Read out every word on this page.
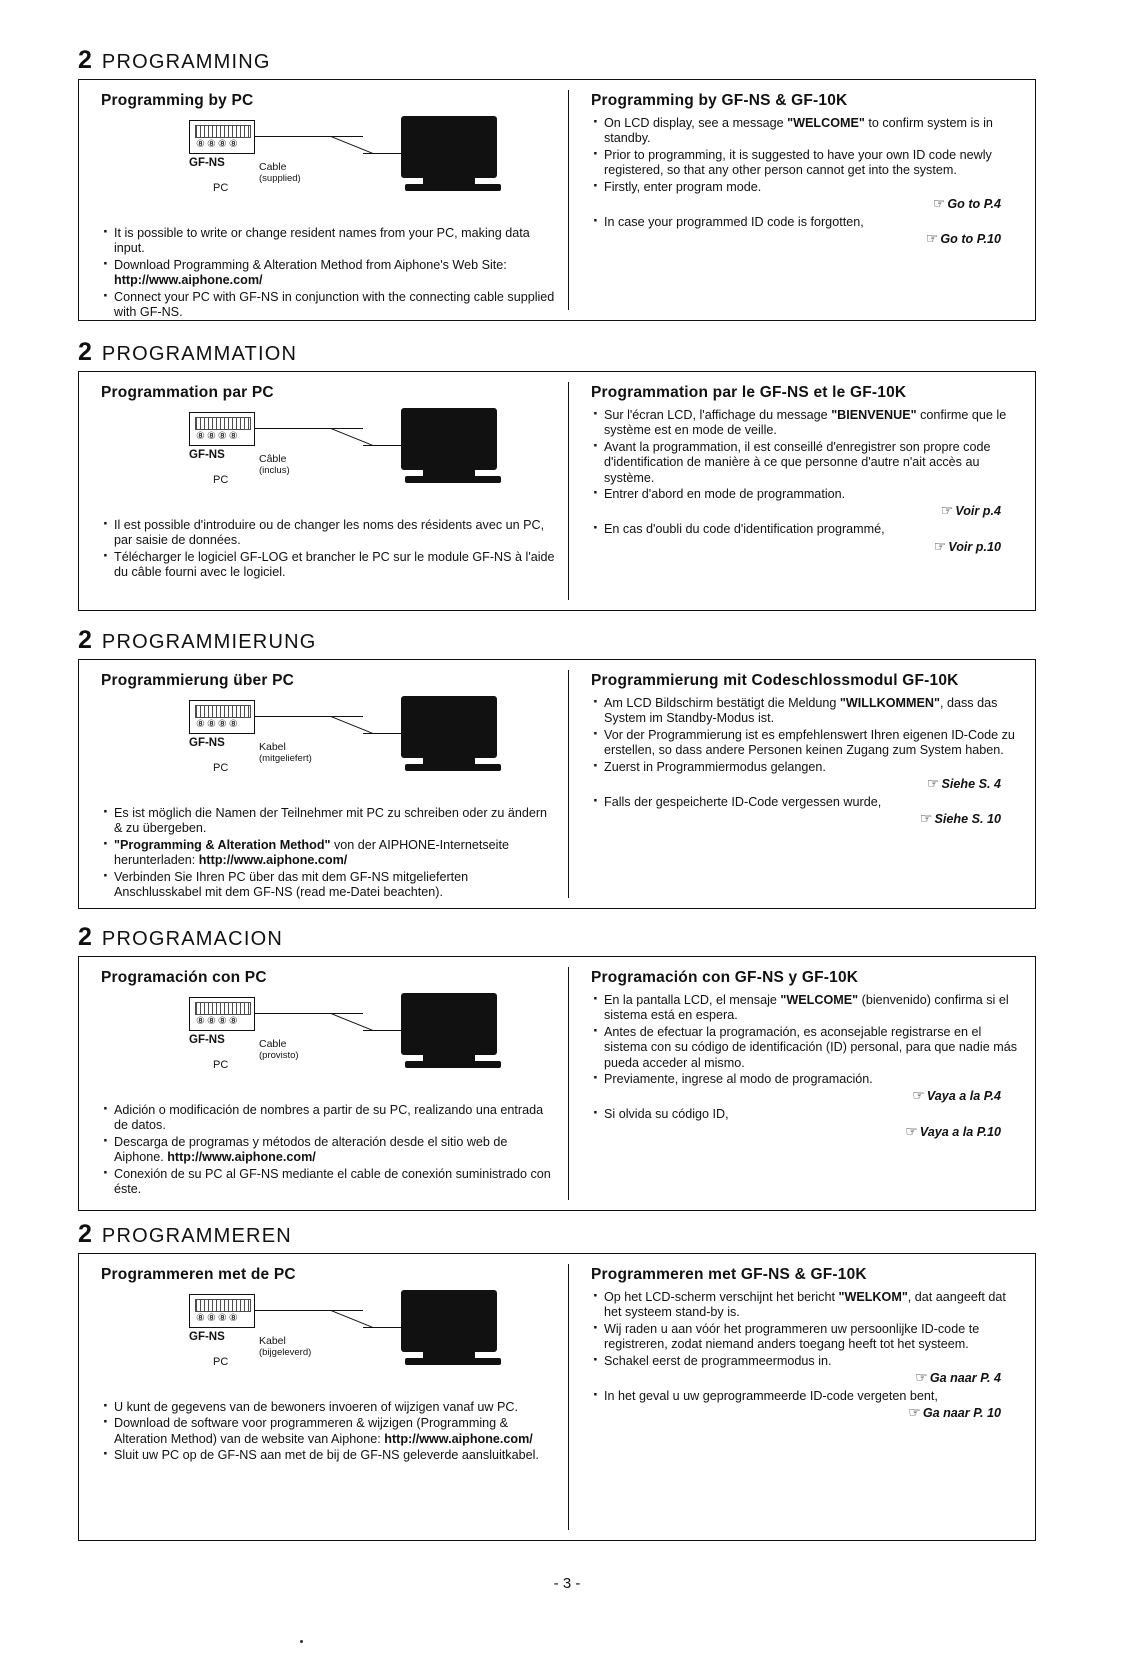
2 PROGRAMMING
Programming by PC
⑧⑧⑧⑧
GF-NS	Cable
(supplied)
PC
· It is possible to write or change resident names from your PC, making data input.
· Download Programming & Alteration Method from Aiphone's Web Site: http://www.aiphone.com/
· Connect your PC with GF-NS in conjunction with the connecting cable supplied with GF-NS.
Programming by GF-NS & GF-10K
· On LCD display, see a message "WELCOME" to confirm system is in standby.
· Prior to programming, it is suggested to have your own ID code newly registered, so that any other person cannot get into the system.
· Firstly, enter program mode.
☞ Go to P.4
· In case your programmed ID code is forgotten,
☞ Go to P.10
2 PROGRAMMATION
Programmation par PC
⑧⑧⑧⑧
GF-NS	Câble
(inclus)
PC
· Il est possible d'introduire ou de changer les noms des résidents avec un PC, par saisie de données.
· Télécharger le logiciel GF-LOG et brancher le PC sur le module GF-NS à l'aide du câble fourni avec le logiciel.
Programmation par le GF-NS et le GF-10K
· Sur l'écran LCD, l'affichage du message "BIENVENUE" confirme que le système est en mode de veille.
· Avant la programmation, il est conseillé d'enregistrer son propre code d'identification de manière à ce que personne d'autre n'ait accès au système.
· Entrer d'abord en mode de programmation.
☞ Voir p.4
· En cas d'oubli du code d'identification programmé,
☞ Voir p.10
2 PROGRAMMIERUNG
Programmierung über PC
⑧⑧⑧⑧
GF-NS	Kabel
(mitgeliefert)
PC
· Es ist möglich die Namen der Teilnehmer mit PC zu schreiben oder zu ändern & zu übergeben.
· "Programming & Alteration Method" von der AIPHONE-Internetseite herunterladen: http://www.aiphone.com/
· Verbinden Sie Ihren PC über das mit dem GF-NS mitgelieferten Anschlusskabel mit dem GF-NS (read me-Datei beachten).
Programmierung mit Codeschlossmodul GF-10K
· Am LCD Bildschirm bestätigt die Meldung "WILLKOMMEN", dass das System im Standby-Modus ist.
· Vor der Programmierung ist es empfehlenswert Ihren eigenen ID-Code zu erstellen, so dass andere Personen keinen Zugang zum System haben.
· Zuerst in Programmiermodus gelangen.
☞ Siehe S. 4
· Falls der gespeicherte ID-Code vergessen wurde,
☞ Siehe S. 10
2 PROGRAMACION
Programación con PC
⑧⑧⑧⑧
GF-NS	Cable
(provisto)
PC
· Adición o modificación de nombres a partir de su PC, realizando una entrada de datos.
· Descarga de programas y métodos de alteración desde el sitio web de Aiphone. http://www.aiphone.com/
· Conexión de su PC al GF-NS mediante el cable de conexión suministrado con éste.
Programación con GF-NS y GF-10K
· En la pantalla LCD, el mensaje "WELCOME" (bienvenido) confirma si el sistema está en espera.
· Antes de efectuar la programación, es aconsejable registrarse en el sistema con su código de identificación (ID) personal, para que nadie más pueda acceder al mismo.
· Previamente, ingrese al modo de programación.
☞ Vaya a la P.4
· Si olvida su código ID,
☞ Vaya a la P.10
2 PROGRAMMEREN
Programmeren met de PC
⑧⑧⑧⑧
GF-NS	Kabel
(bijgeleverd)
PC
· U kunt de gegevens van de bewoners invoeren of wijzigen vanaf uw PC.
· Download de software voor programmeren & wijzigen (Programming & Alteration Method) van de website van Aiphone: http://www.aiphone.com/
· Sluit uw PC op de GF-NS aan met de bij de GF-NS geleverde aansluitkabel.
Programmeren met GF-NS & GF-10K
· Op het LCD-scherm verschijnt het bericht "WELKOM", dat aangeeft dat het systeem stand-by is.
· Wij raden u aan vóór het programmeren uw persoonlijke ID-code te registreren, zodat niemand anders toegang heeft tot het systeem.
· Schakel eerst de programmeermodus in.
☞ Ga naar P. 4
· In het geval u uw geprogrammeerde ID-code vergeten bent,
☞ Ga naar P. 10
- 3 -
